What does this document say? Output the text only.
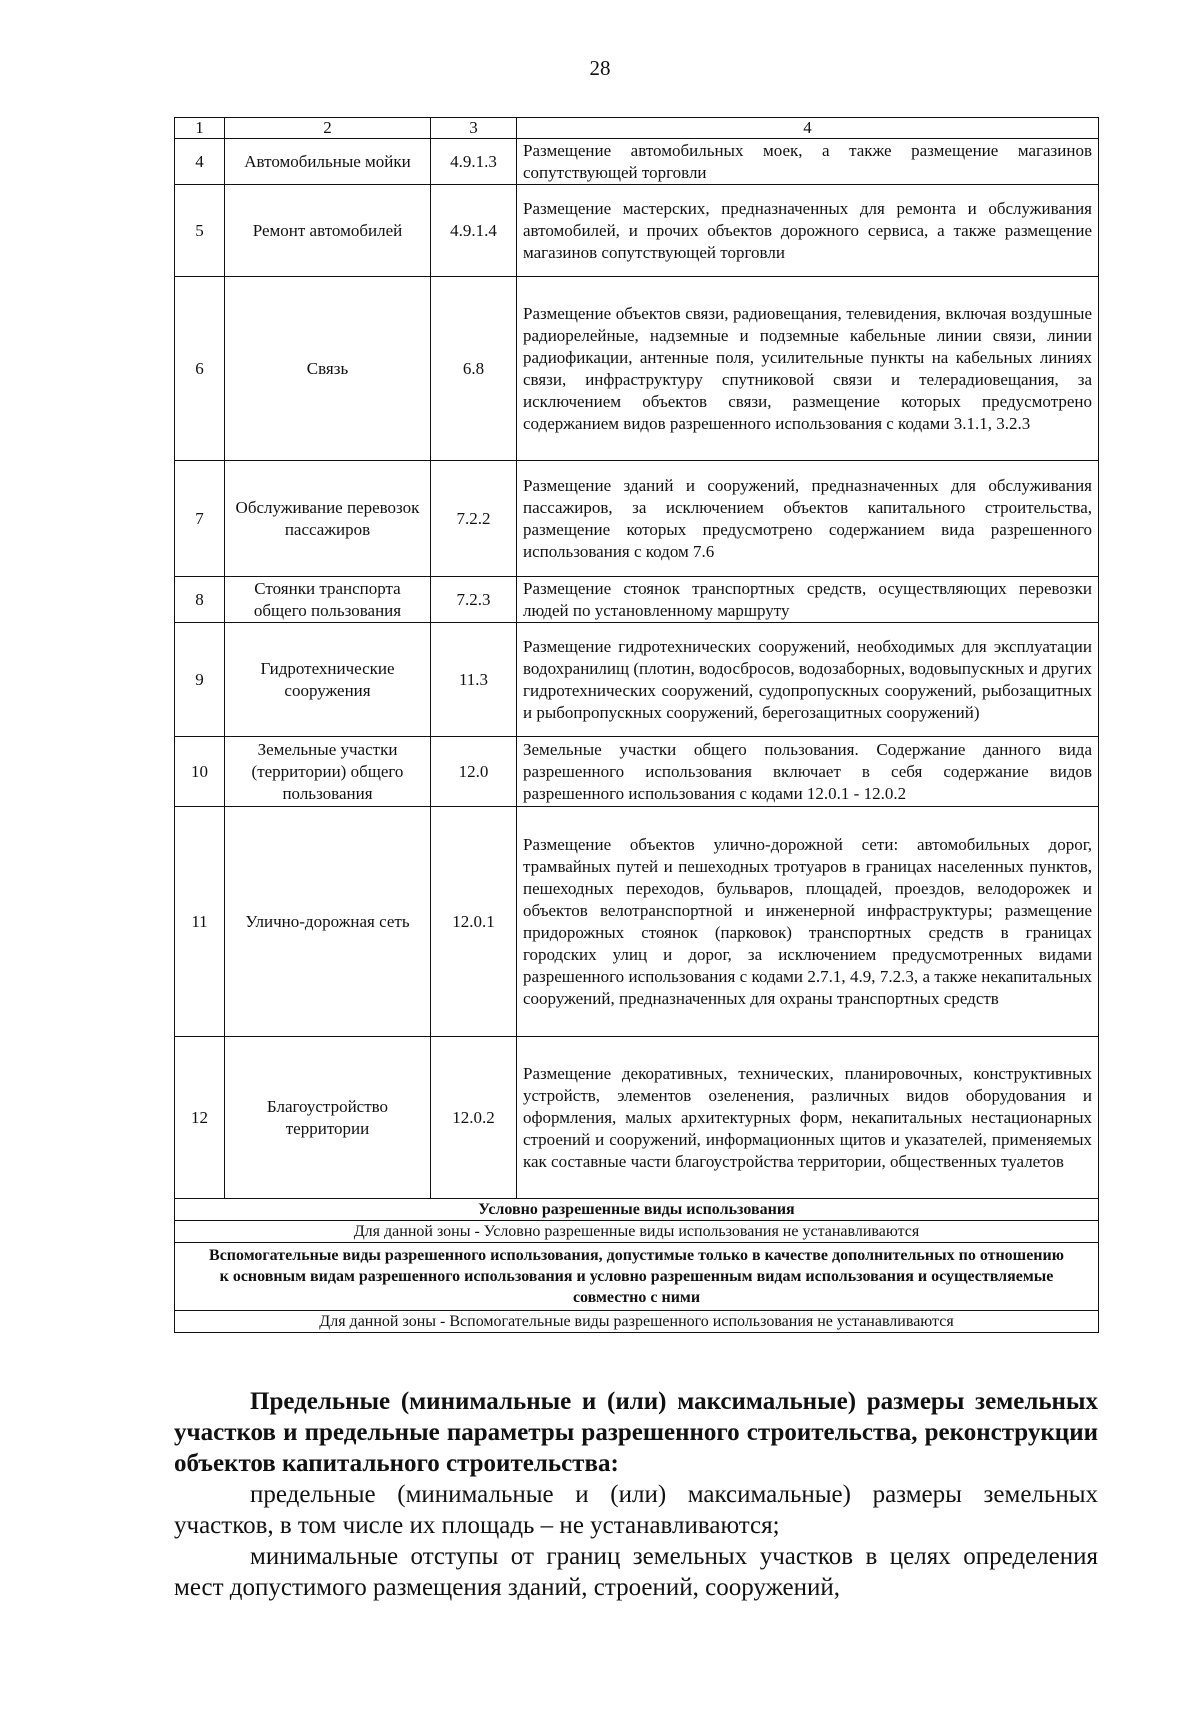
28
1	2	3	4
4	Автомобильные мойки	4.9.1.3	Размещение автомобильных моек, а также размещение магазинов сопутствующей торговли
5	Ремонт автомобилей	4.9.1.4	Размещение мастерских, предназначенных для ремонта и обслуживания автомобилей, и прочих объектов дорожного сервиса, а также размещение магазинов сопутствующей торговли
6	Связь	6.8	Размещение объектов связи, радиовещания, телевидения, включая воздушные радиорелейные, надземные и подземные кабельные линии связи, линии радиофикации, антенные поля, усилительные пункты на кабельных линиях связи, инфраструктуру спутниковой связи и телерадиовещания, за исключением объектов связи, размещение которых предусмотрено содержанием видов разрешенного использования с кодами 3.1.1, 3.2.3
7	Обслуживание перевозок пассажиров	7.2.2	Размещение зданий и сооружений, предназначенных для обслуживания пассажиров, за исключением объектов капитального строительства, размещение которых предусмотрено содержанием вида разрешенного использования с кодом 7.6
8	Стоянки транспорта общего пользования	7.2.3	Размещение стоянок транспортных средств, осуществляющих перевозки людей по установленному маршруту
9	Гидротехнические сооружения	11.3	Размещение гидротехнических сооружений, необходимых для эксплуатации водохранилищ (плотин, водосбросов, водозаборных, водовыпускных и других гидротехнических сооружений, судопропускных сооружений, рыбозащитных и рыбопропускных сооружений, берегозащитных сооружений)
10	Земельные участки (территории) общего пользования	12.0	Земельные участки общего пользования. Содержание данного вида разрешенного использования включает в себя содержание видов разрешенного использования с кодами 12.0.1 - 12.0.2
11	Улично-дорожная сеть	12.0.1	Размещение объектов улично-дорожной сети: автомобильных дорог, трамвайных путей и пешеходных тротуаров в границах населенных пунктов, пешеходных переходов, бульваров, площадей, проездов, велодорожек и объектов велотранспортной и инженерной инфраструктуры; размещение придорожных стоянок (парковок) транспортных средств в границах городских улиц и дорог, за исключением предусмотренных видами разрешенного использования с кодами 2.7.1, 4.9, 7.2.3, а также некапитальных сооружений, предназначенных для охраны транспортных средств
12	Благоустройство территории	12.0.2	Размещение декоративных, технических, планировочных, конструктивных устройств, элементов озеленения, различных видов оборудования и оформления, малых архитектурных форм, некапитальных нестационарных строений и сооружений, информационных щитов и указателей, применяемых как составные части благоустройства территории, общественных туалетов
Условно разрешенные виды использования			
Для данной зоны - Условно разрешенные виды использования не устанавливаются			
Вспомогательные виды разрешенного использования, допустимые только в качестве дополнительных по отношению к основным видам разрешенного использования и условно разрешенным видам использования и осуществляемые совместно с ними			
Для данной зоны - Вспомогательные виды разрешенного использования не устанавливаются			

Предельные (минимальные и (или) максимальные) размеры земельных участков и предельные параметры разрешенного строительства, реконструкции объектов капитального строительства:

предельные (минимальные и (или) максимальные) размеры земельных участков, в том числе их площадь – не устанавливаются;

минимальные отступы от границ земельных участков в целях определения мест допустимого размещения зданий, строений, сооружений,
